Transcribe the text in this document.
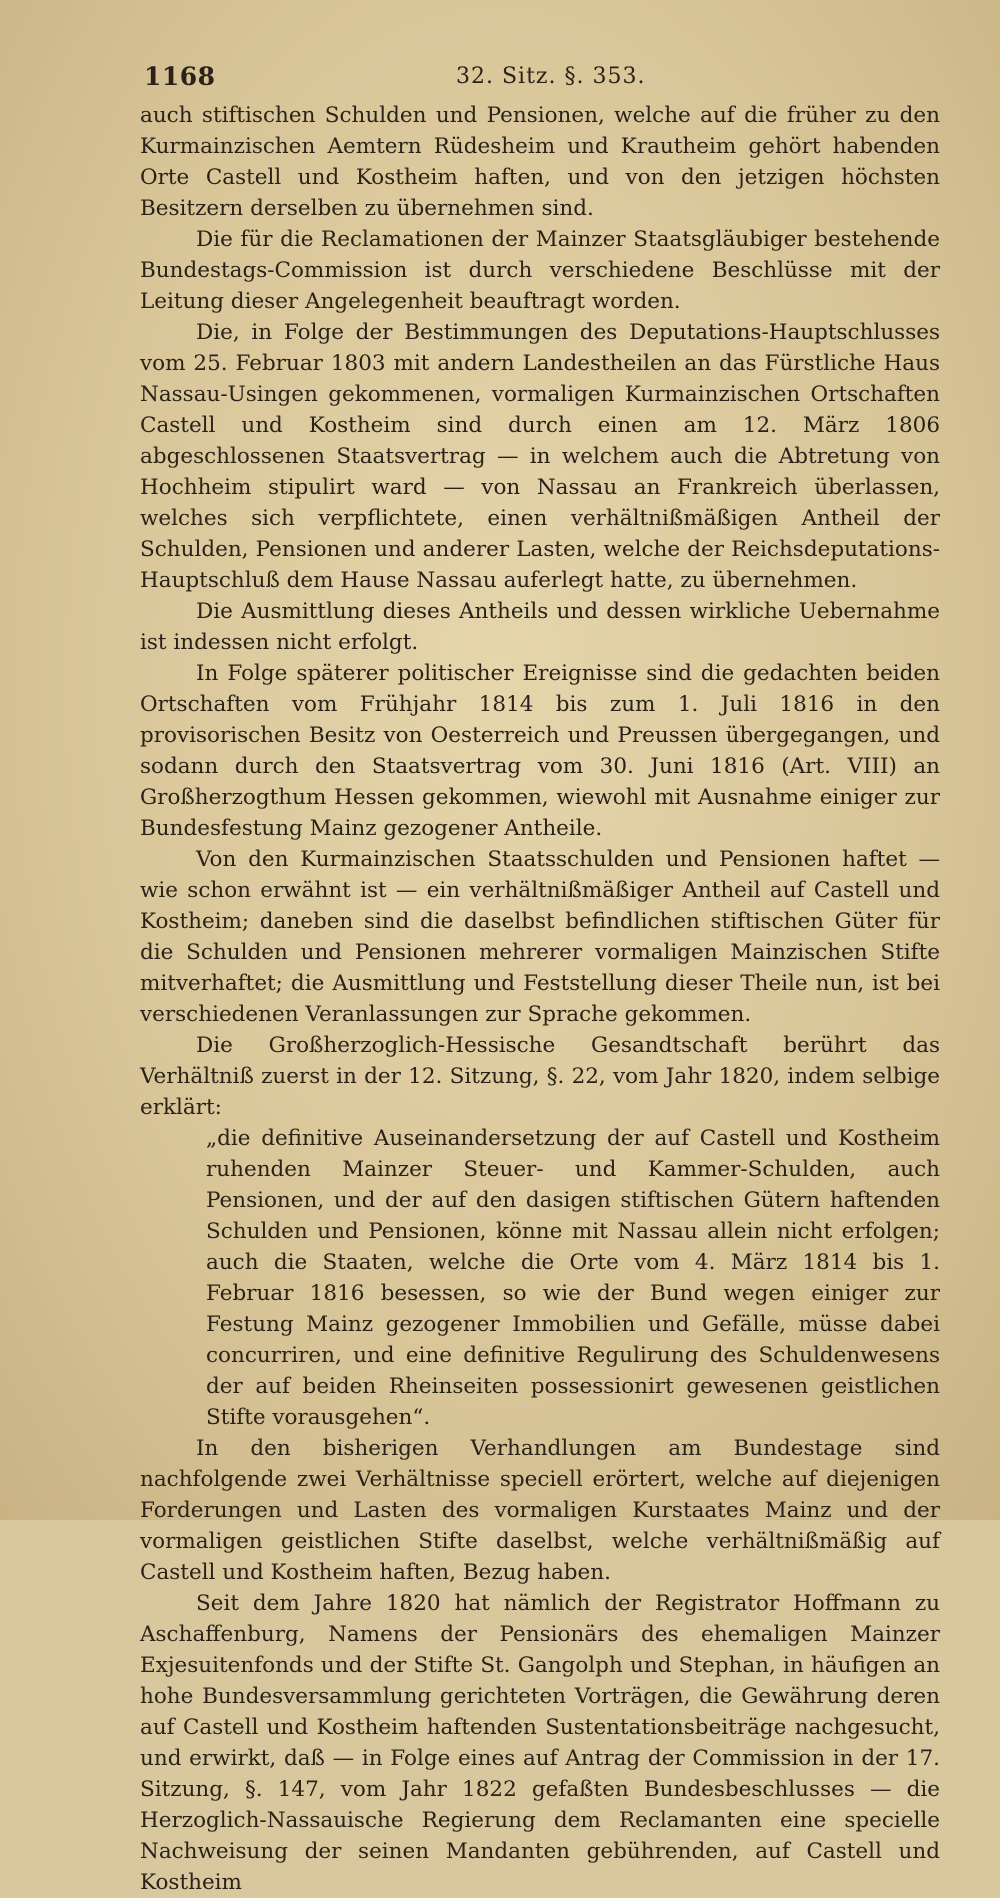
1168	32. Sitz. §. 353.

auch stiftischen Schulden und Pensionen, welche auf die früher zu den Kurmainzischen Aemtern Rüdesheim und Krautheim gehört habenden Orte Castell und Kostheim haften, und von den jetzigen höchsten Besitzern derselben zu übernehmen sind.

Die für die Reclamationen der Mainzer Staatsgläubiger bestehende Bundestags-Commission ist durch verschiedene Beschlüsse mit der Leitung dieser Angelegenheit beauftragt worden.

Die, in Folge der Bestimmungen des Deputations-Hauptschlusses vom 25. Februar 1803 mit andern Landestheilen an das Fürstliche Haus Nassau-Usingen gekommenen, vormaligen Kurmainzischen Ortschaften Castell und Kostheim sind durch einen am 12. März 1806 abgeschlossenen Staatsvertrag — in welchem auch die Abtretung von Hochheim stipulirt ward — von Nassau an Frankreich überlassen, welches sich verpflichtete, einen verhältnißmäßigen Antheil der Schulden, Pensionen und anderer Lasten, welche der Reichsdeputations-Hauptschluß dem Hause Nassau auferlegt hatte, zu übernehmen.

Die Ausmittlung dieses Antheils und dessen wirkliche Uebernahme ist indessen nicht erfolgt.

In Folge späterer politischer Ereignisse sind die gedachten beiden Ortschaften vom Frühjahr 1814 bis zum 1. Juli 1816 in den provisorischen Besitz von Oesterreich und Preussen übergegangen, und sodann durch den Staatsvertrag vom 30. Juni 1816 (Art. VIII) an Großherzogthum Hessen gekommen, wiewohl mit Ausnahme einiger zur Bundesfestung Mainz gezogener Antheile.

Von den Kurmainzischen Staatsschulden und Pensionen haftet — wie schon erwähnt ist — ein verhältnißmäßiger Antheil auf Castell und Kostheim; daneben sind die daselbst befindlichen stiftischen Güter für die Schulden und Pensionen mehrerer vormaligen Mainzischen Stifte mitverhaftet; die Ausmittlung und Feststellung dieser Theile nun, ist bei verschiedenen Veranlassungen zur Sprache gekommen.

Die Großherzoglich-Hessische Gesandtschaft berührt das Verhältniß zuerst in der 12. Sitzung, §. 22, vom Jahr 1820, indem selbige erklärt:

„die definitive Auseinandersetzung der auf Castell und Kostheim ruhenden Mainzer Steuer- und Kammer-Schulden, auch Pensionen, und der auf den dasigen stiftischen Gütern haftenden Schulden und Pensionen, könne mit Nassau allein nicht erfolgen; auch die Staaten, welche die Orte vom 4. März 1814 bis 1. Februar 1816 besessen, so wie der Bund wegen einiger zur Festung Mainz gezogener Immobilien und Gefälle, müsse dabei concurriren, und eine definitive Regulirung des Schuldenwesens der auf beiden Rheinseiten possessionirt gewesenen geistlichen Stifte vorausgehen“.

In den bisherigen Verhandlungen am Bundestage sind nachfolgende zwei Verhältnisse speciell erörtert, welche auf diejenigen Forderungen und Lasten des vormaligen Kurstaates Mainz und der vormaligen geistlichen Stifte daselbst, welche verhältnißmäßig auf Castell und Kostheim haften, Bezug haben.

Seit dem Jahre 1820 hat nämlich der Registrator Hoffmann zu Aschaffenburg, Namens der Pensionärs des ehemaligen Mainzer Exjesuitenfonds und der Stifte St. Gangolph und Stephan, in häufigen an hohe Bundesversammlung gerichteten Vorträgen, die Gewährung deren auf Castell und Kostheim haftenden Sustentationsbeiträge nachgesucht, und erwirkt, daß — in Folge eines auf Antrag der Commission in der 17. Sitzung, §. 147, vom Jahr 1822 gefaßten Bundesbeschlusses — die Herzoglich-Nassauische Regierung dem Reclamanten eine specielle Nachweisung der seinen Mandanten gebührenden, auf Castell und Kostheim
